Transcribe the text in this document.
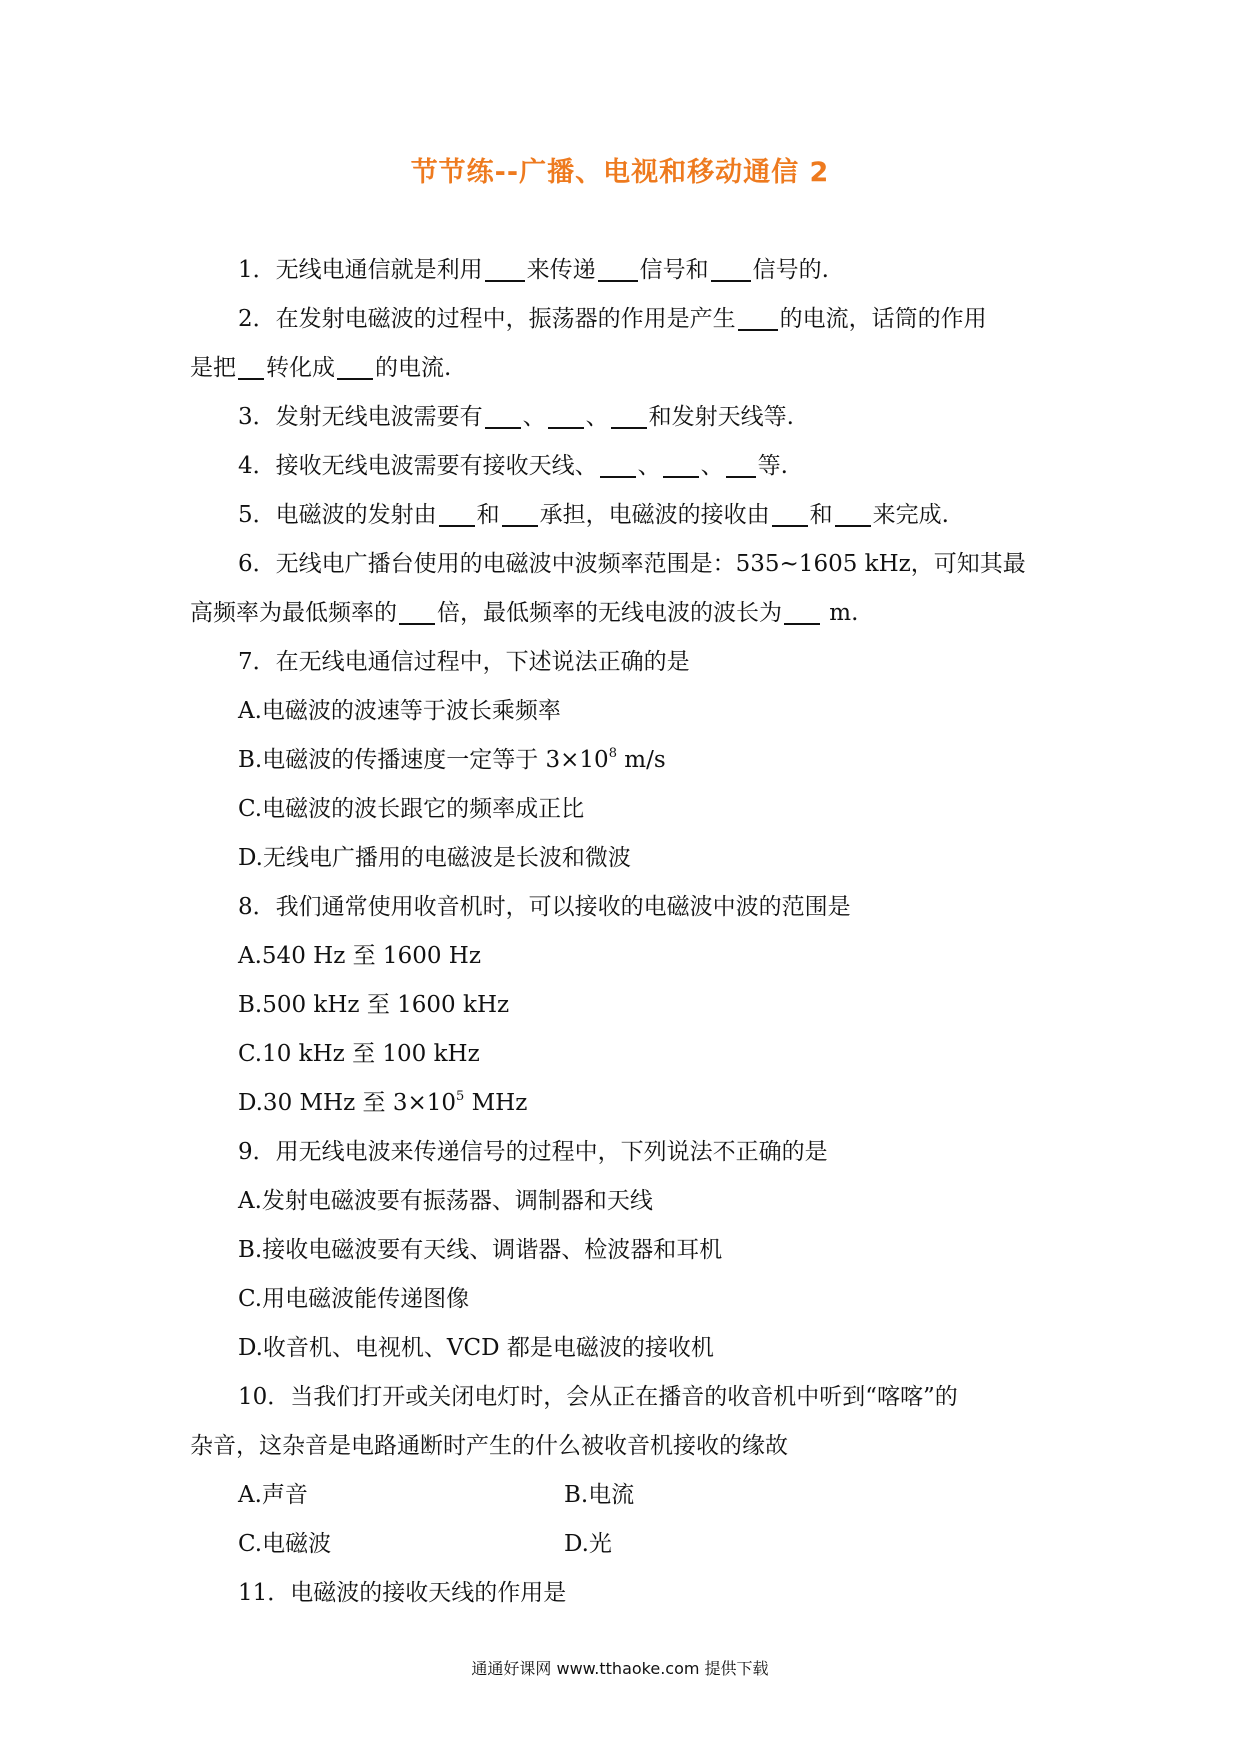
节节练--广播、电视和移动通信 2

1．无线电通信就是利用 来传递 信号和 信号的.

2．在发射电磁波的过程中，振荡器的作用是产生 的电流，话筒的作用

是把 转化成 的电流.

3．发射无线电波需要有 、 、 和发射天线等.

4．接收无线电波需要有接收天线、 、 、 等.

5．电磁波的发射由 和 承担，电磁波的接收由 和 来完成.

6．无线电广播台使用的电磁波中波频率范围是：535~1605 kHz，可知其最

高频率为最低频率的 倍，最低频率的无线电波的波长为 m.

7．在无线电通信过程中，下述说法正确的是

A.电磁波的波速等于波长乘频率

B.电磁波的传播速度一定等于 $3\times 10^8$ m/s

C.电磁波的波长跟它的频率成正比

D.无线电广播用的电磁波是长波和微波

8．我们通常使用收音机时，可以接收的电磁波中波的范围是

A.540 Hz 至 1600 Hz

B.500 kHz 至 1600 kHz

C.10 kHz 至 100 kHz

D.30 MHz 至 $3\times 10^5$ MHz

9．用无线电波来传递信号的过程中，下列说法不正确的是

A.发射电磁波要有振荡器、调制器和天线

B.接收电磁波要有天线、调谐器、检波器和耳机

C.用电磁波能传递图像

D.收音机、电视机、VCD 都是电磁波的接收机

10．当我们打开或关闭电灯时，会从正在播音的收音机中听到“喀喀”的

杂音，这杂音是电路通断时产生的什么被收音机接收的缘故

A.声音	B.电流
C.电磁波	D.光

11．电磁波的接收天线的作用是

通通好课网 www.tthaoke.com 提供下载
